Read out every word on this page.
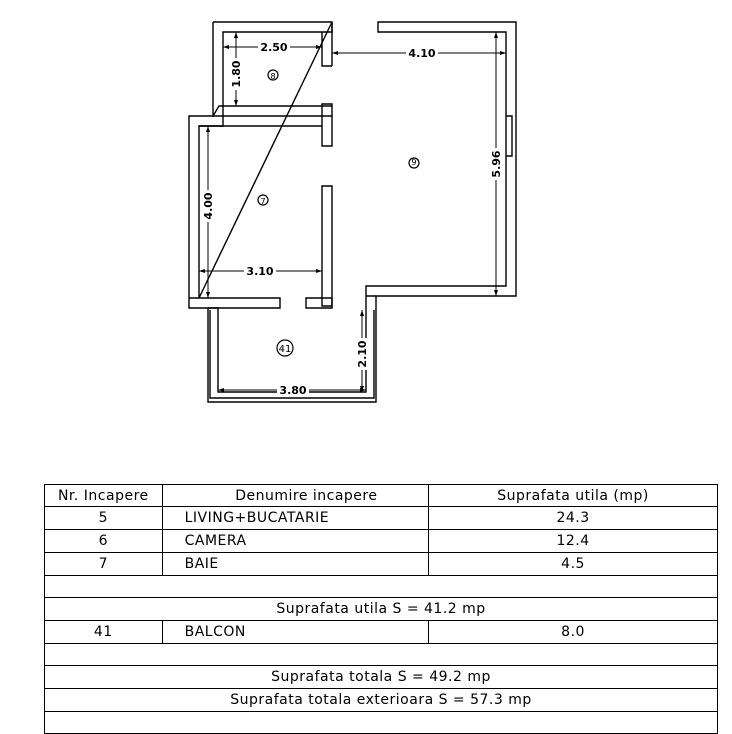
2.50	4.10
1.80
5.96
4.00
3.10
2.10
3.80
8
6
7
41
Nr. Incapere	Denumire incapere	Suprafata utila (mp)
5	LIVING+BUCATARIE	24.3
6	CAMERA	12.4
7	BAIE	4.5

Suprafata utila S = 41.2 mp		
41	BALCON	8.0

Suprafata totala S = 49.2 mp		
Suprafata totala exterioara S = 57.3 mp		
